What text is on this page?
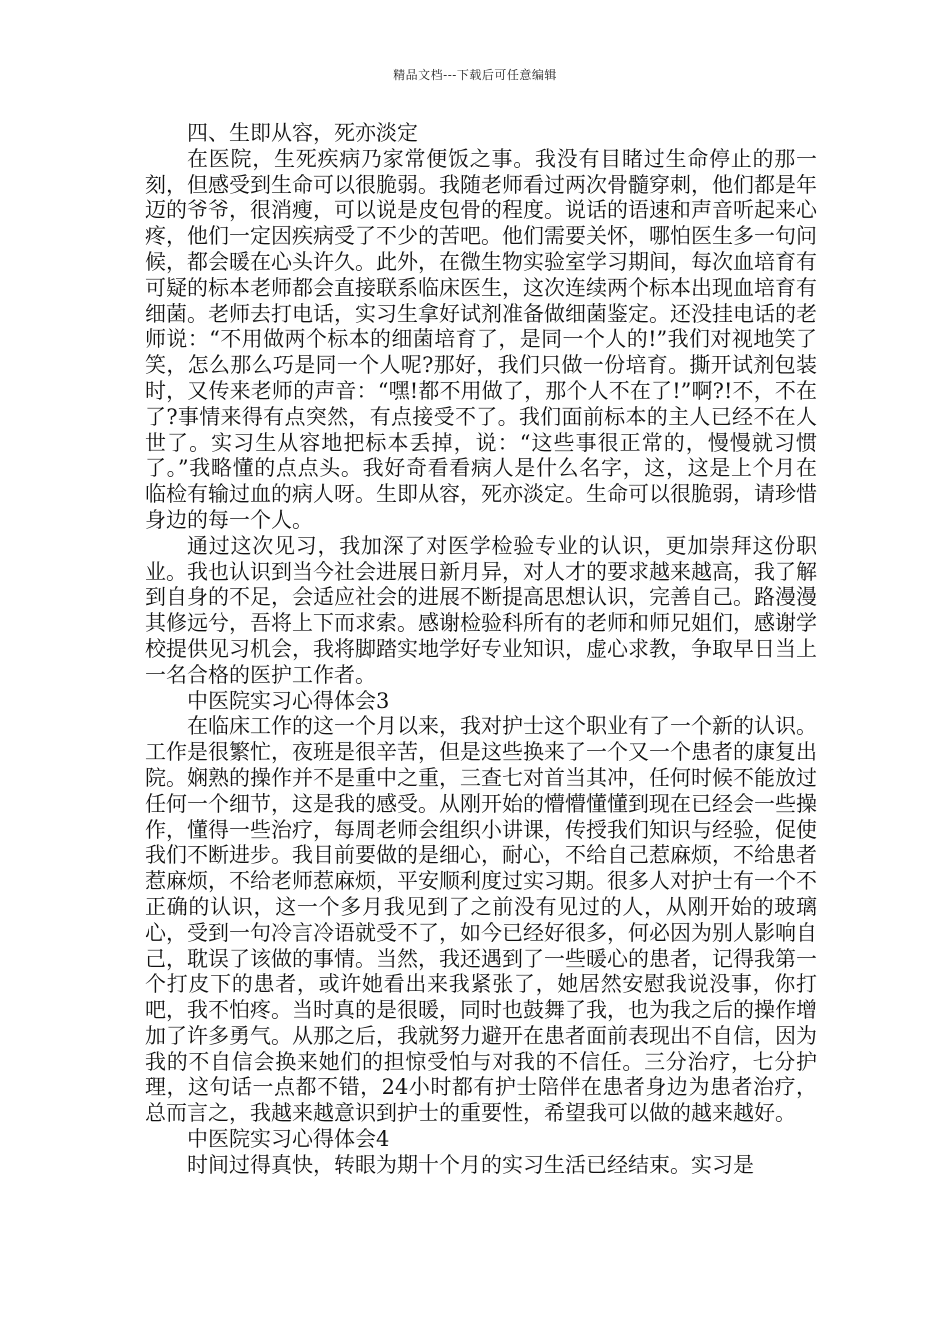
精品文档---下载后可任意编辑

四、生即从容，死亦淡定

在医院，生死疾病乃家常便饭之事。我没有目睹过生命停止的那一刻，但感受到生命可以很脆弱。我随老师看过两次骨髓穿刺，他们都是年迈的爷爷，很消瘦，可以说是皮包骨的程度。说话的语速和声音听起来心疼，他们一定因疾病受了不少的苦吧。他们需要关怀，哪怕医生多一句问候，都会暖在心头许久。此外，在微生物实验室学习期间，每次血培育有可疑的标本老师都会直接联系临床医生，这次连续两个标本出现血培育有细菌。老师去打电话，实习生拿好试剂准备做细菌鉴定。还没挂电话的老师说：“不用做两个标本的细菌培育了，是同一个人的!”我们对视地笑了笑，怎么那么巧是同一个人呢?那好，我们只做一份培育。撕开试剂包装时，又传来老师的声音：“嘿!都不用做了，那个人不在了!”啊?!不，不在了?事情来得有点突然，有点接受不了。我们面前标本的主人已经不在人世了。实习生从容地把标本丢掉，说：“这些事很正常的，慢慢就习惯了。”我略懂的点点头。我好奇看看病人是什么名字，这，这是上个月在临检有输过血的病人呀。生即从容，死亦淡定。生命可以很脆弱，请珍惜身边的每一个人。

通过这次见习，我加深了对医学检验专业的认识，更加崇拜这份职业。我也认识到当今社会进展日新月异，对人才的要求越来越高，我了解到自身的不足，会适应社会的进展不断提高思想认识，完善自己。路漫漫其修远兮，吾将上下而求索。感谢检验科所有的老师和师兄姐们，感谢学校提供见习机会，我将脚踏实地学好专业知识，虚心求教，争取早日当上一名合格的医护工作者。

中医院实习心得体会3

在临床工作的这一个月以来，我对护士这个职业有了一个新的认识。工作是很繁忙，夜班是很辛苦，但是这些换来了一个又一个患者的康复出院。娴熟的操作并不是重中之重，三查七对首当其冲，任何时候不能放过任何一个细节，这是我的感受。从刚开始的懵懵懂懂到现在已经会一些操作，懂得一些治疗，每周老师会组织小讲课，传授我们知识与经验，促使我们不断进步。我目前要做的是细心，耐心，不给自己惹麻烦，不给患者惹麻烦，不给老师惹麻烦，平安顺利度过实习期。很多人对护士有一个不正确的认识，这一个多月我见到了之前没有见过的人，从刚开始的玻璃心，受到一句冷言冷语就受不了，如今已经好很多，何必因为别人影响自己，耽误了该做的事情。当然，我还遇到了一些暖心的患者，记得我第一个打皮下的患者，或许她看出来我紧张了，她居然安慰我说没事，你打吧，我不怕疼。当时真的是很暖，同时也鼓舞了我，也为我之后的操作增加了许多勇气。从那之后，我就努力避开在患者面前表现出不自信，因为我的不自信会换来她们的担惊受怕与对我的不信任。三分治疗，七分护理，这句话一点都不错，24小时都有护士陪伴在患者身边为患者治疗，总而言之，我越来越意识到护士的重要性，希望我可以做的越来越好。

中医院实习心得体会4

时间过得真快，转眼为期十个月的实习生活已经结束。实习是
